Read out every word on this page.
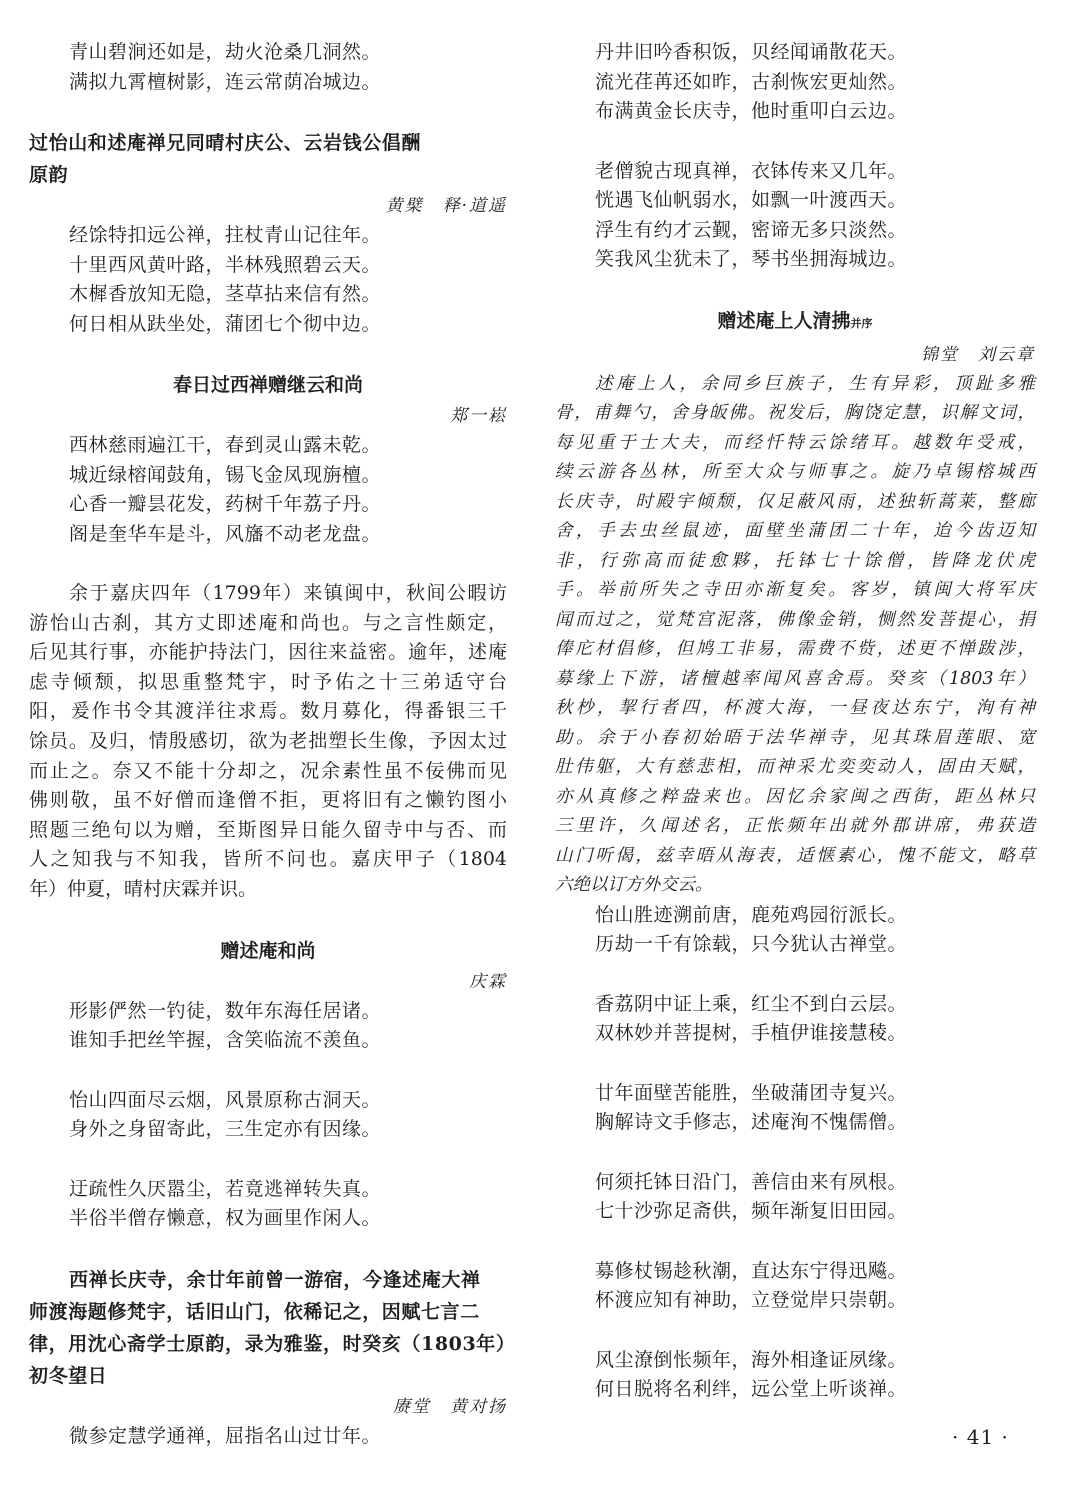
青山碧涧还如是，劫火沧桑几洞然。
满拟九霄檀树影，连云常荫冶城边。
过怡山和述庵禅兄同晴村庆公、云岩钱公倡酬
原韵
黄檗　释·道遥
经馀特扣远公禅，拄杖青山记往年。
十里西风黄叶路，半林残照碧云天。
木樨香放知无隐，茎草拈来信有然。
何日相从趺坐处，蒲团七个彻中边。
春日过西禅赠继云和尚
郑一崧
西林慈雨遍江干，春到灵山露未乾。
城近绿榕闻鼓角，锡飞金凤现旃檀。
心香一瓣昙花发，药树千年荔子丹。
阁是奎华车是斗，风旛不动老龙盘。
余于嘉庆四年（1799年）来镇闽中，秋间公暇访
游怡山古刹，其方丈即述庵和尚也。与之言性颇定，
后见其行事，亦能护持法门，因往来益密。逾年，述庵
虑寺倾颓，拟思重整梵宇，时予佑之十三弟适守台
阳，爰作书令其渡洋往求焉。数月募化，得番银三千
馀员。及归，情殷感切，欲为老拙塑长生像，予因太过
而止之。奈又不能十分却之，况余素性虽不佞佛而见
佛则敬，虽不好僧而逢僧不拒，更将旧有之懒钓图小
照题三绝句以为赠，至斯图异日能久留寺中与否、而
人之知我与不知我，皆所不问也。嘉庆甲子（1804
年）仲夏，晴村庆霖并识。
赠述庵和尚
庆霖
形影俨然一钓徒，数年东海任居诸。
谁知手把丝竿握，含笑临流不羡鱼。
怡山四面尽云烟，风景原称古洞天。
身外之身留寄此，三生定亦有因缘。
迂疏性久厌嚣尘，若竟逃禅转失真。
半俗半僧存懒意，权为画里作闲人。
西禅长庆寺，余廿年前曾一游宿，今逢述庵大禅
师渡海题修梵宇，话旧山门，依稀记之，因赋七言二
律，用沈心斋学士原韵，录为雅鉴，时癸亥（1803年）
初冬望日
赓堂　黄对扬
微参定慧学通禅，屈指名山过廿年。
丹井旧吟香积饭，贝经闻诵散花天。
流光荏苒还如昨，古刹恢宏更灿然。
布满黄金长庆寺，他时重叩白云边。
老僧貌古现真禅，衣钵传来又几年。
恍遇飞仙帆弱水，如飘一叶渡西天。
浮生有约才云觐，密谛无多只淡然。
笑我风尘犹未了，琴书坐拥海城边。
赠述庵上人清拂并序
锦堂　刘云章
述庵上人，余同乡巨族子，生有异彩，顶趾多雅
骨，甫舞勺，舍身皈佛。祝发后，胸饶定慧，识解文词，
每见重于士大夫，而经忏特云馀绪耳。越数年受戒，
续云游各丛林，所至大众与师事之。旋乃卓锡榕城西
长庆寺，时殿宇倾颓，仅足蔽风雨，述独斩蒿莱，整廊
舍，手去虫丝鼠迹，面壁坐蒲团二十年，迨今齿迈知
非，行弥高而徒愈夥，托钵七十馀僧，皆降龙伏虎
手。举前所失之寺田亦渐复矣。客岁，镇闽大将军庆
闻而过之，觉梵宫泥落，佛像金销，恻然发菩提心，捐
俸庀材倡修，但鸠工非易，需费不赀，述更不惮跋涉，
募缘上下游，诸檀越率闻风喜舍焉。癸亥（1803年）
秋杪，挈行者四，杯渡大海，一昼夜达东宁，洵有神
助。余于小春初始晤于法华禅寺，见其珠眉莲眼、宽
肚伟躯，大有慈悲相，而神采尤奕奕动人，固由天赋，
亦从真修之粹盎来也。因忆余家闽之西街，距丛林只
三里许，久闻述名，正怅频年出就外郡讲席，弗获造
山门听偈，兹幸晤从海表，适惬素心，愧不能文，略草
六绝以订方外交云。
怡山胜迹溯前唐，鹿苑鸡园衍派长。
历劫一千有馀载，只今犹认古禅堂。
香荔阴中证上乘，红尘不到白云层。
双林妙并菩提树，手植伊谁接慧稜。
廿年面壁苦能胜，坐破蒲团寺复兴。
胸解诗文手修志，述庵洵不愧儒僧。
何须托钵日沿门，善信由来有夙根。
七十沙弥足斋供，频年渐复旧田园。
募修杖锡趁秋潮，直达东宁得迅飚。
杯渡应知有神助，立登觉岸只崇朝。
风尘潦倒怅频年，海外相逢证夙缘。
何日脱将名利绊，远公堂上听谈禅。
· 41 ·
